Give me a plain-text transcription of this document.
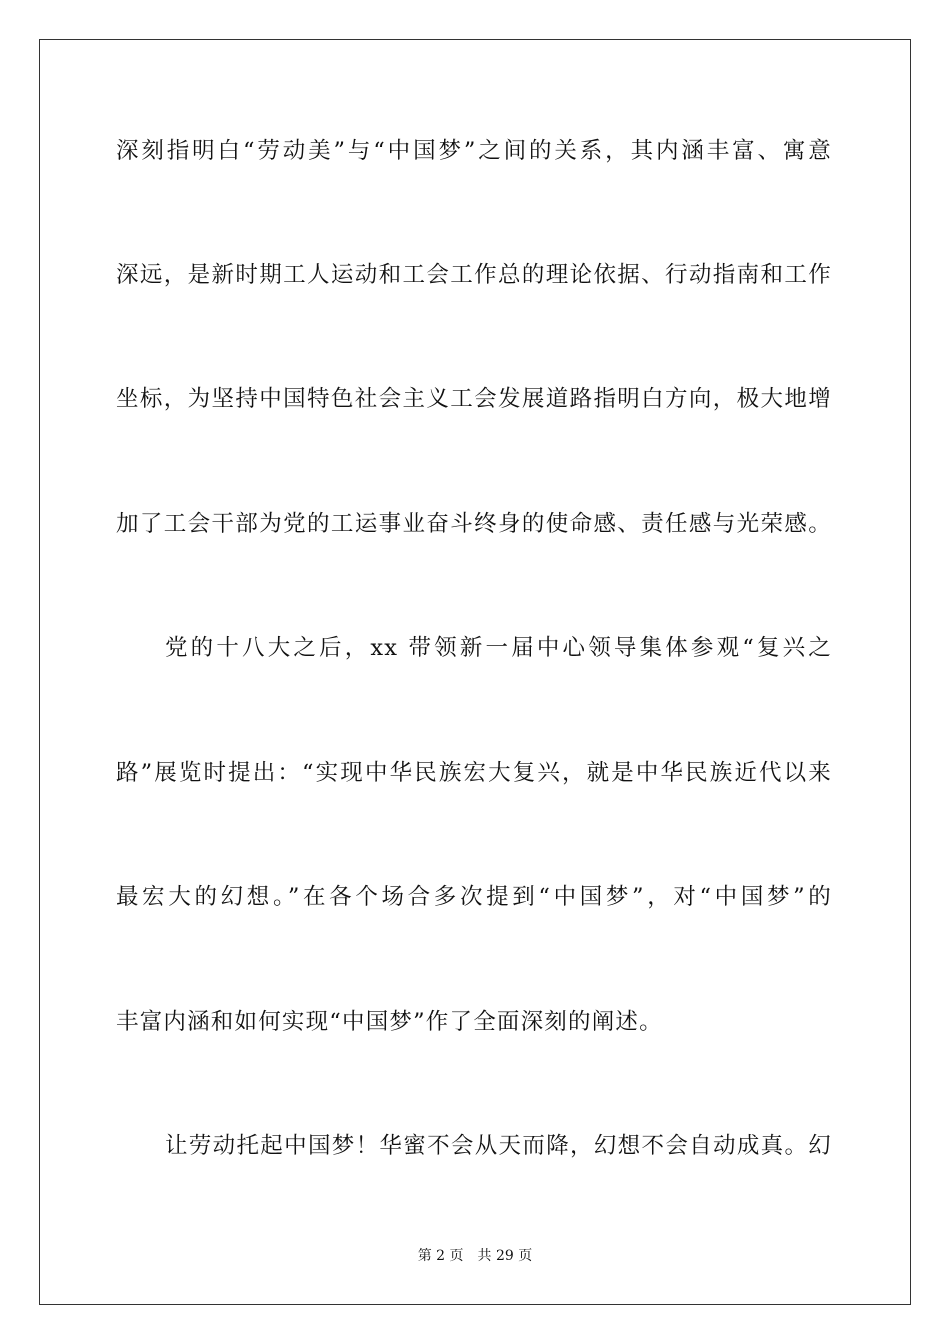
深刻指明白“劳动美”与“中国梦”之间的关系，其内涵丰富、寓意
深远，是新时期工人运动和工会工作总的理论依据、行动指南和工作
坐标，为坚持中国特色社会主义工会发展道路指明白方向，极大地增
加了工会干部为党的工运事业奋斗终身的使命感、责任感与光荣感。
党的十八大之后，xx 带领新一届中心领导集体参观“复兴之
路”展览时提出：“实现中华民族宏大复兴，就是中华民族近代以来
最宏大的幻想。”在各个场合多次提到“中国梦”，对“中国梦”的
丰富内涵和如何实现“中国梦”作了全面深刻的阐述。
让劳动托起中国梦！华蜜不会从天而降，幻想不会自动成真。幻
第 2 页　共 29 页
